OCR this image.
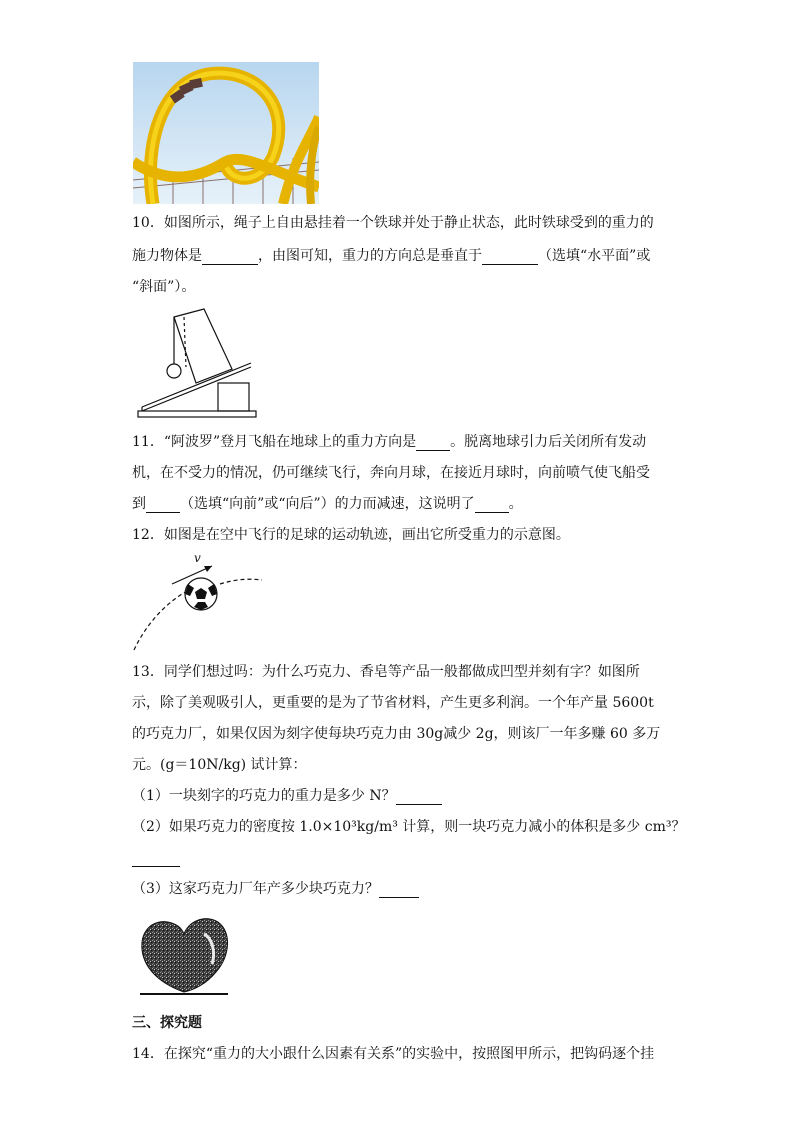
10．如图所示，绳子上自由悬挂着一个铁球并处于静止状态，此时铁球受到的重力的
施力物体是	，由图可知，重力的方向总是垂直于	（选填“水平面”或
“斜面”）。
11．“阿波罗”登月飞船在地球上的重力方向是 。脱离地球引力后关闭所有发动
机，在不受力的情况，仍可继续飞行，奔向月球，在接近月球时，向前喷气使飞船受
到 （选填“向前”或“向后”）的力而减速，这说明了 。
12．如图是在空中飞行的足球的运动轨迹，画出它所受重力的示意图。
v
13．同学们想过吗：为什么巧克力、香皂等产品一般都做成凹型并刻有字？如图所
示，除了美观吸引人，更重要的是为了节省材料，产生更多利润。一个年产量 5600t
的巧克力厂，如果仅因为刻字使每块巧克力由 30g减少 2g，则该厂一年多赚 60 多万
元。(g＝10N/kg) 试计算：
（1）一块刻字的巧克力的重力是多少 N？
（2）如果巧克力的密度按 1.0×10³kg/m³ 计算，则一块巧克力减小的体积是多少 cm³？
（3）这家巧克力厂年产多少块巧克力？
三、探究题
14．在探究“重力的大小跟什么因素有关系”的实验中，按照图甲所示，把钩码逐个挂
